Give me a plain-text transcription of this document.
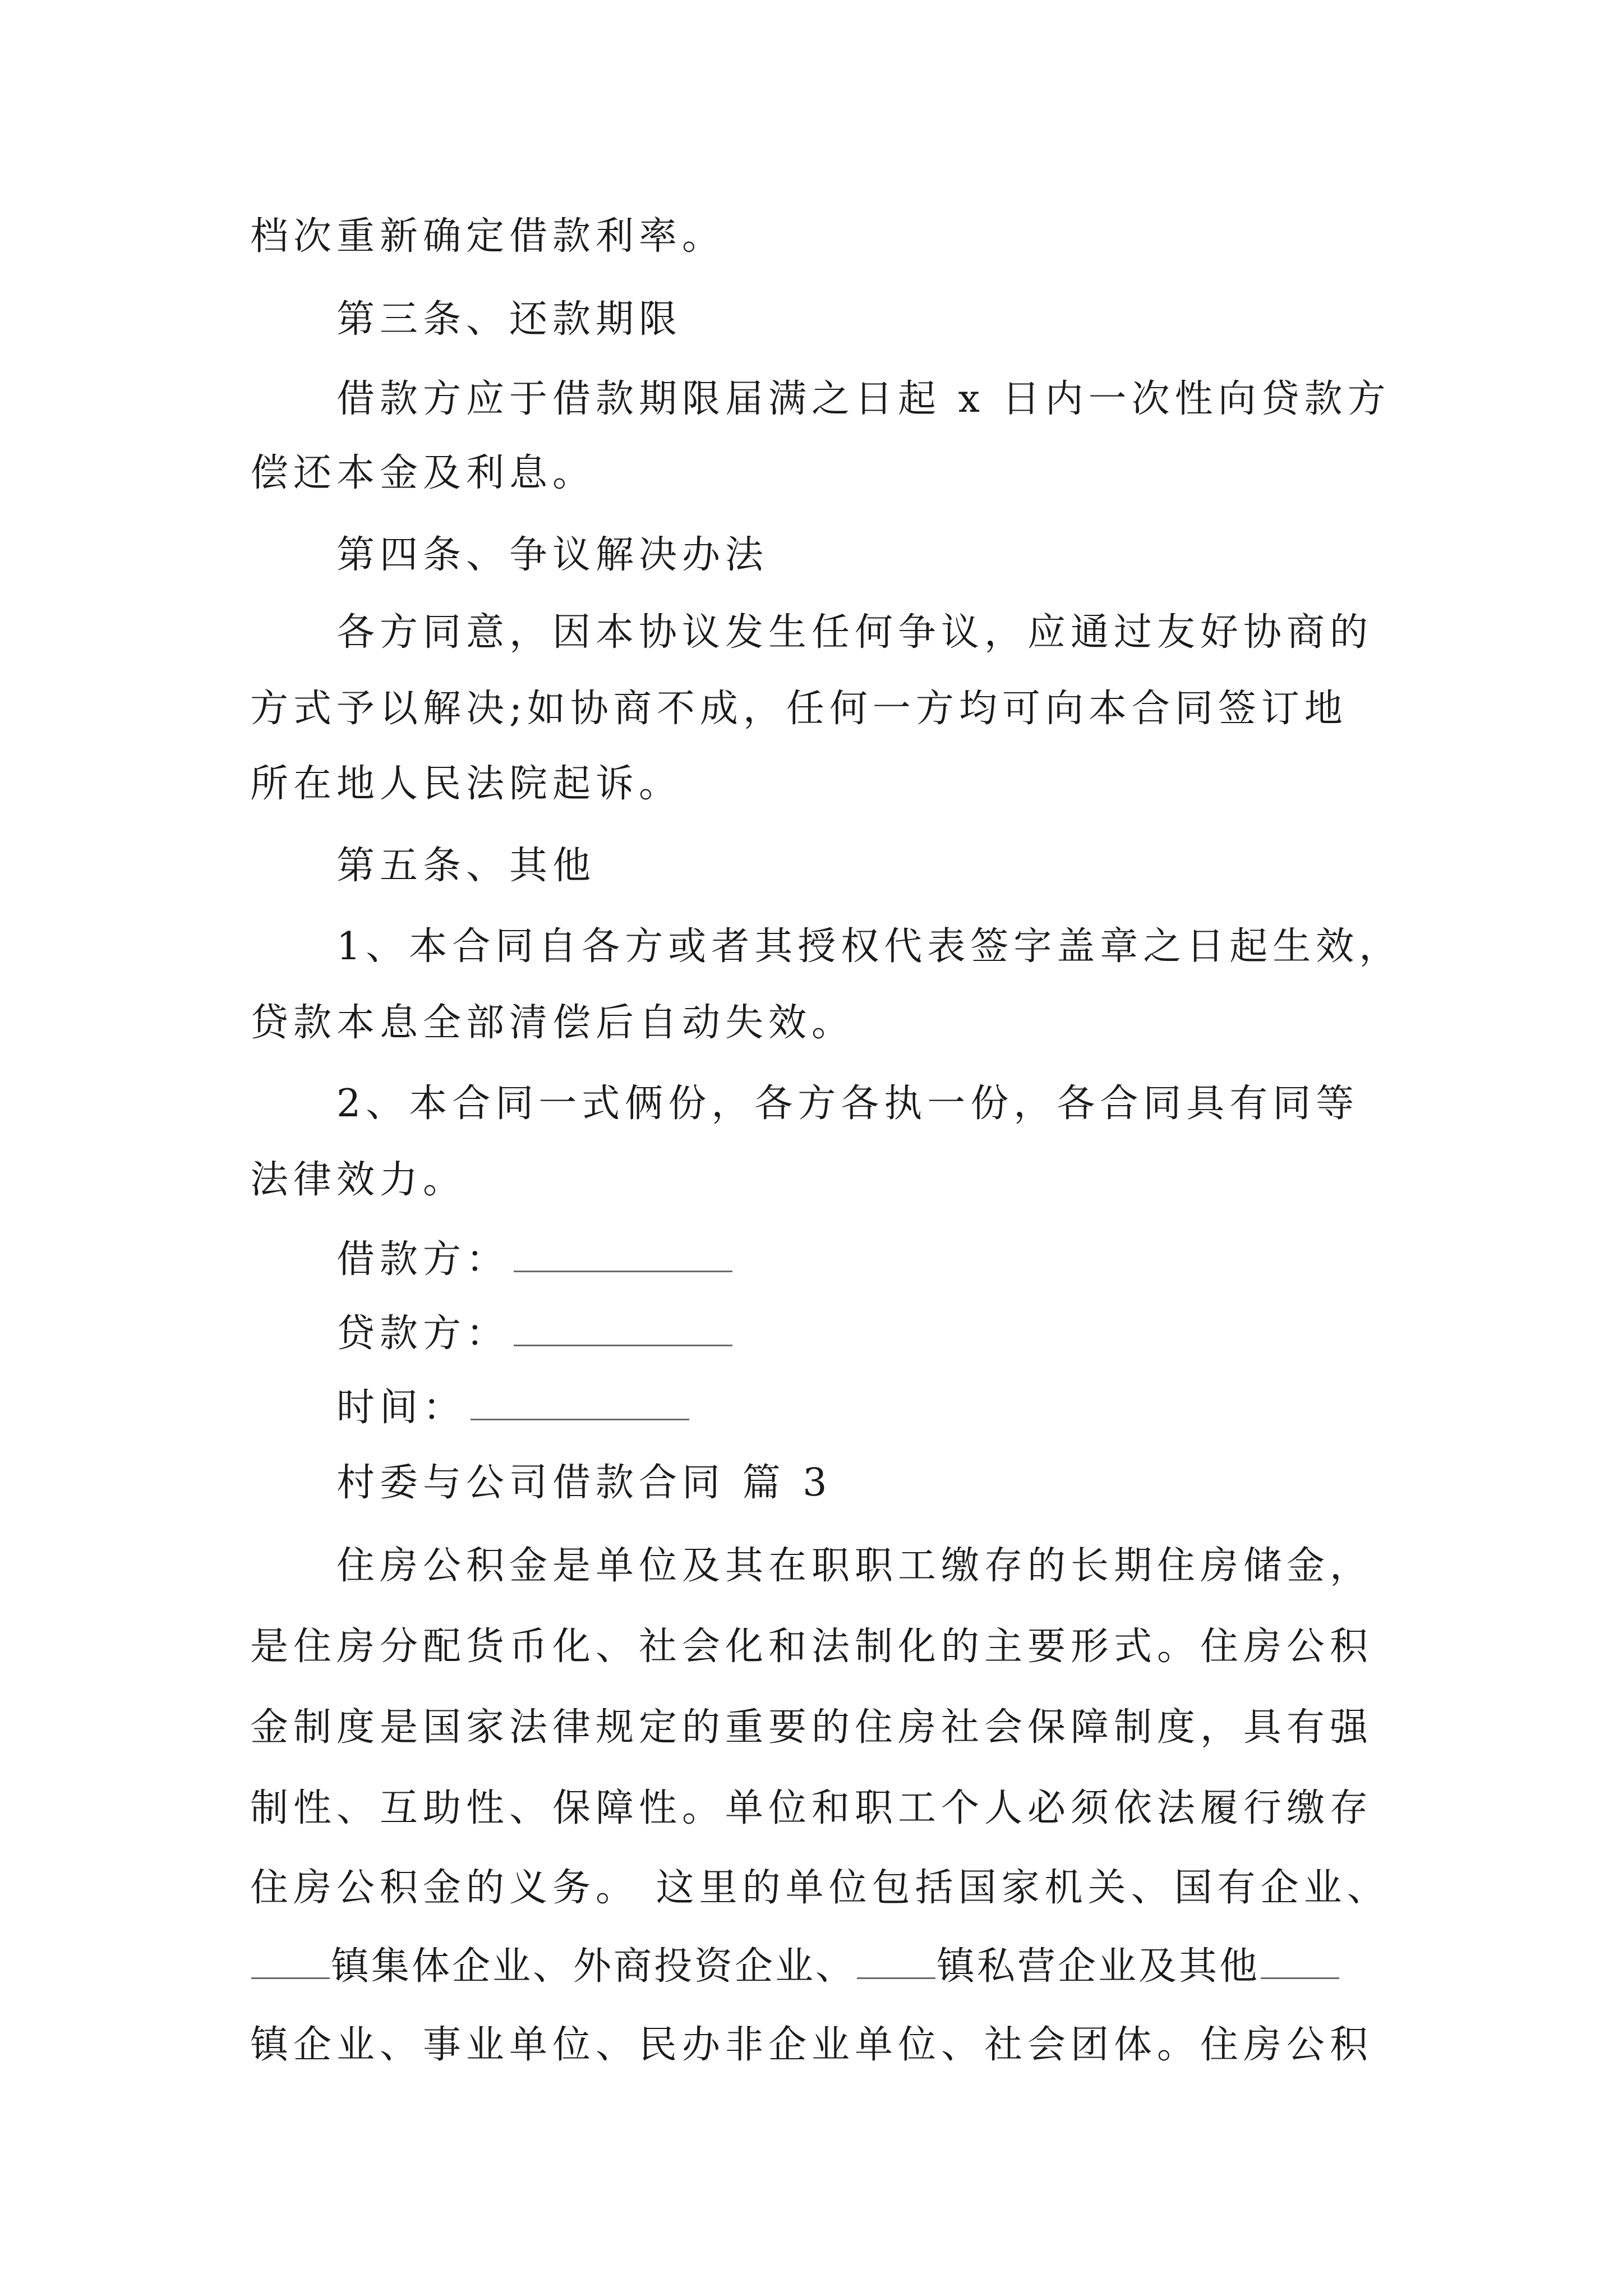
档次重新确定借款利率。

第三条、还款期限

借款方应于借款期限届满之日起 x 日内一次性向贷款方

偿还本金及利息。

第四条、争议解决办法

各方同意，因本协议发生任何争议，应通过友好协商的

方式予以解决;如协商不成，任何一方均可向本合同签订地

所在地人民法院起诉。

第五条、其他

1、本合同自各方或者其授权代表签字盖章之日起生效，

贷款本息全部清偿后自动失效。

2、本合同一式俩份，各方各执一份，各合同具有同等

法律效力。

借款方：

贷款方：

时间：

村委与公司借款合同 篇 3

住房公积金是单位及其在职职工缴存的长期住房储金，

是住房分配货币化、社会化和法制化的主要形式。住房公积

金制度是国家法律规定的重要的住房社会保障制度，具有强

制性、互助性、保障性。单位和职工个人必须依法履行缴存

住房公积金的义务。 这里的单位包括国家机关、国有企业、

镇集体企业、外商投资企业、 镇私营企业及其他

镇企业、事业单位、民办非企业单位、社会团体。住房公积
